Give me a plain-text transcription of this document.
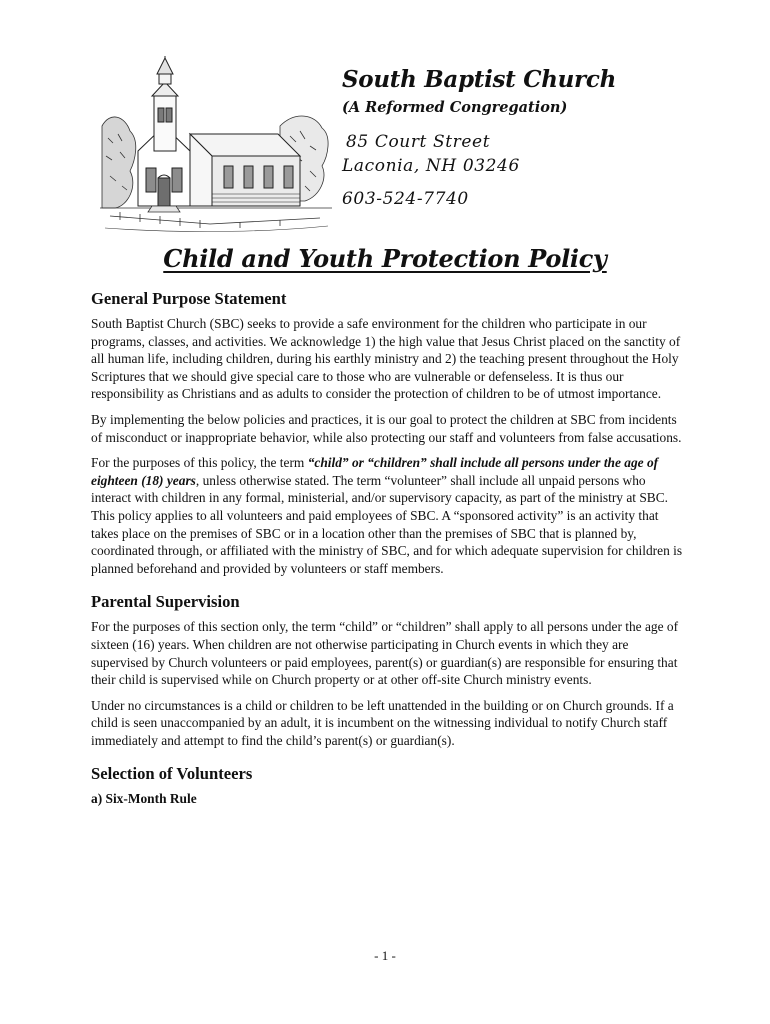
South Baptist Church
(A Reformed Congregation)
85 Court Street
Laconia, NH 03246
603-524-7740
Child and Youth Protection Policy
General Purpose Statement

South Baptist Church (SBC) seeks to provide a safe environment for the children who participate in our programs, classes, and activities. We acknowledge 1) the high value that Jesus Christ placed on the sanctity of all human life, including children, during his earthly ministry and 2) the teaching present throughout the Holy Scriptures that we should give special care to those who are vulnerable or defenseless. It is thus our responsibility as Christians and as adults to consider the protection of children to be of utmost importance.

By implementing the below policies and practices, it is our goal to protect the children at SBC from incidents of misconduct or inappropriate behavior, while also protecting our staff and volunteers from false accusations.

For the purposes of this policy, the term “child” or “children” shall include all persons under the age of eighteen (18) years, unless otherwise stated. The term “volunteer” shall include all unpaid persons who interact with children in any formal, ministerial, and/or supervisory capacity, as part of the ministry at SBC. This policy applies to all volunteers and paid employees of SBC. A “sponsored activity” is an activity that takes place on the premises of SBC or in a location other than the premises of SBC that is planned by, coordinated through, or affiliated with the ministry of SBC, and for which adequate supervision for children is planned beforehand and provided by volunteers or staff members.

Parental Supervision

For the purposes of this section only, the term “child” or “children” shall apply to all persons under the age of sixteen (16) years. When children are not otherwise participating in Church events in which they are supervised by Church volunteers or paid employees, parent(s) or guardian(s) are responsible for ensuring that their child is supervised while on Church property or at other off-site Church ministry events.

Under no circumstances is a child or children to be left unattended in the building or on Church grounds. If a child is seen unaccompanied by an adult, it is incumbent on the witnessing individual to notify Church staff immediately and attempt to find the child’s parent(s) or guardian(s).

Selection of Volunteers
a) Six-Month Rule
- 1 -
